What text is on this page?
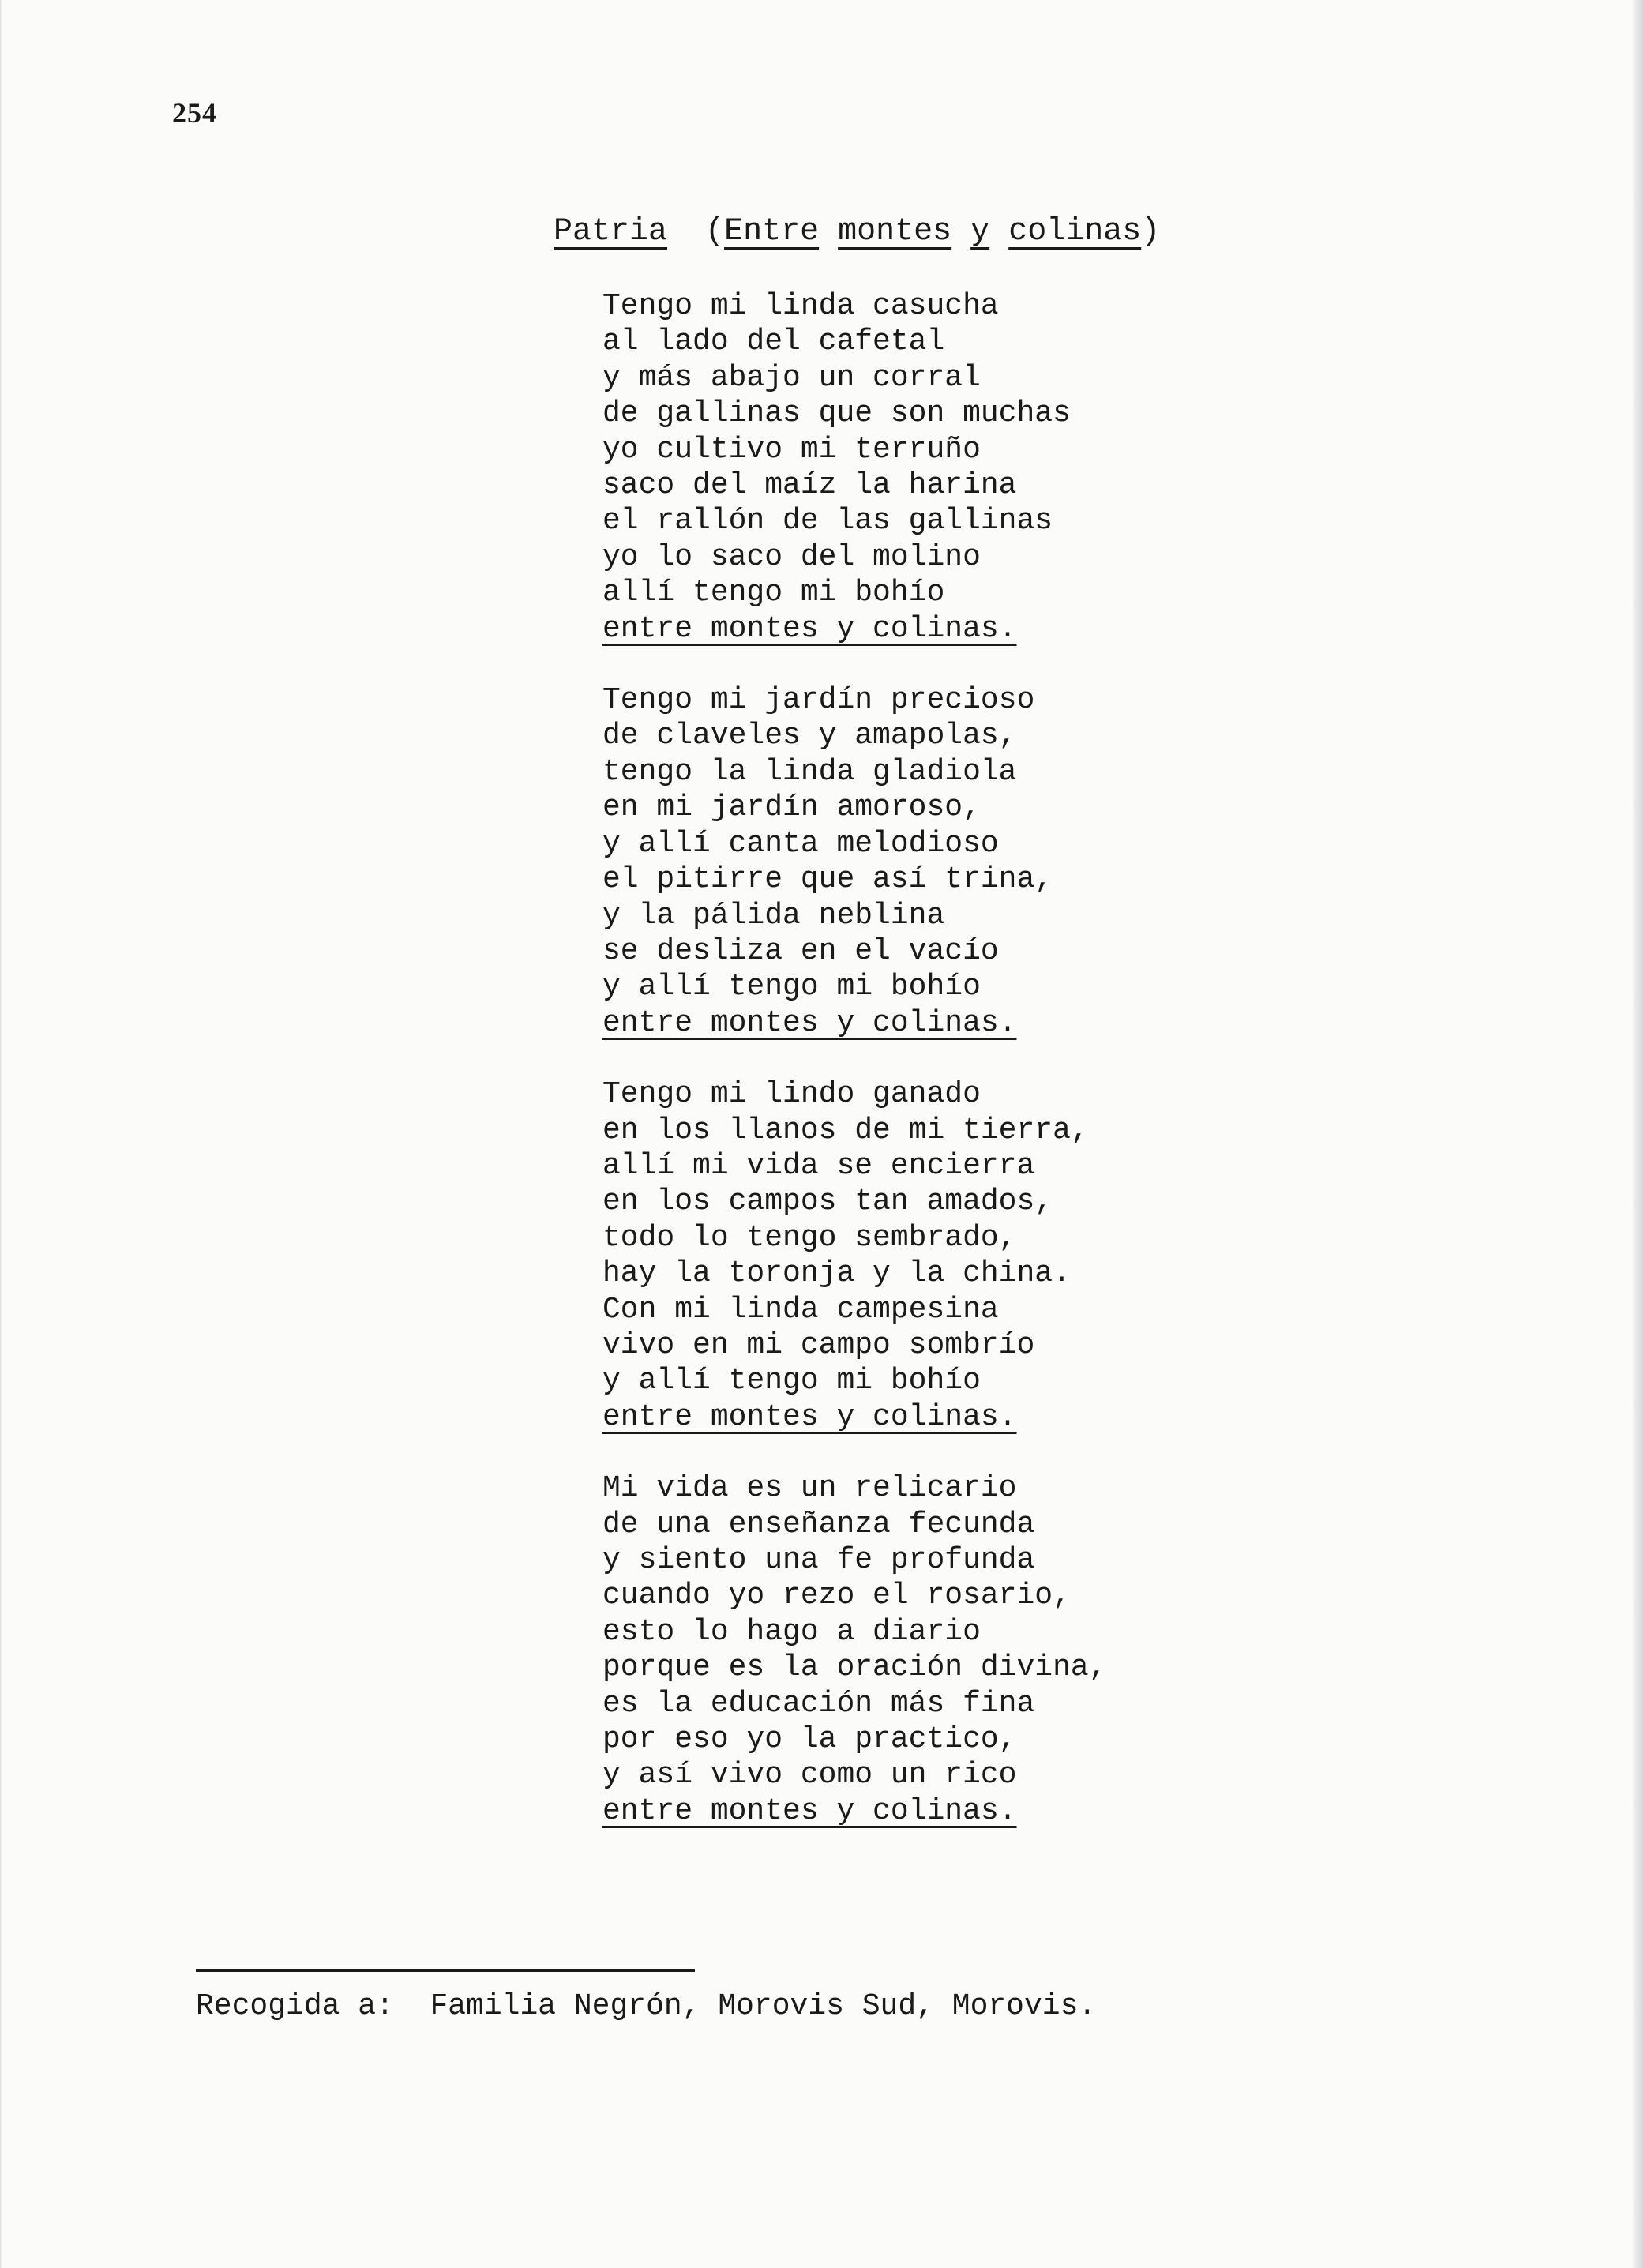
254
Patria (Entre montes y colinas)
Tengo mi linda casucha
al lado del cafetal
y más abajo un corral
de gallinas que son muchas
yo cultivo mi terruño
saco del maíz la harina
el rallón de las gallinas
yo lo saco del molino
allí tengo mi bohío
entre montes y colinas.
Tengo mi jardín precioso
de claveles y amapolas,
tengo la linda gladiola
en mi jardín amoroso,
y allí canta melodioso
el pitirre que así trina,
y la pálida neblina
se desliza en el vacío
y allí tengo mi bohío
entre montes y colinas.
Tengo mi lindo ganado
en los llanos de mi tierra,
allí mi vida se encierra
en los campos tan amados,
todo lo tengo sembrado,
hay la toronja y la china.
Con mi linda campesina
vivo en mi campo sombrío
y allí tengo mi bohío
entre montes y colinas.
Mi vida es un relicario
de una enseñanza fecunda
y siento una fe profunda
cuando yo rezo el rosario,
esto lo hago a diario
porque es la oración divina,
es la educación más fina
por eso yo la practico,
y así vivo como un rico
entre montes y colinas.
Recogida a: Familia Negrón, Morovis Sud, Morovis.
